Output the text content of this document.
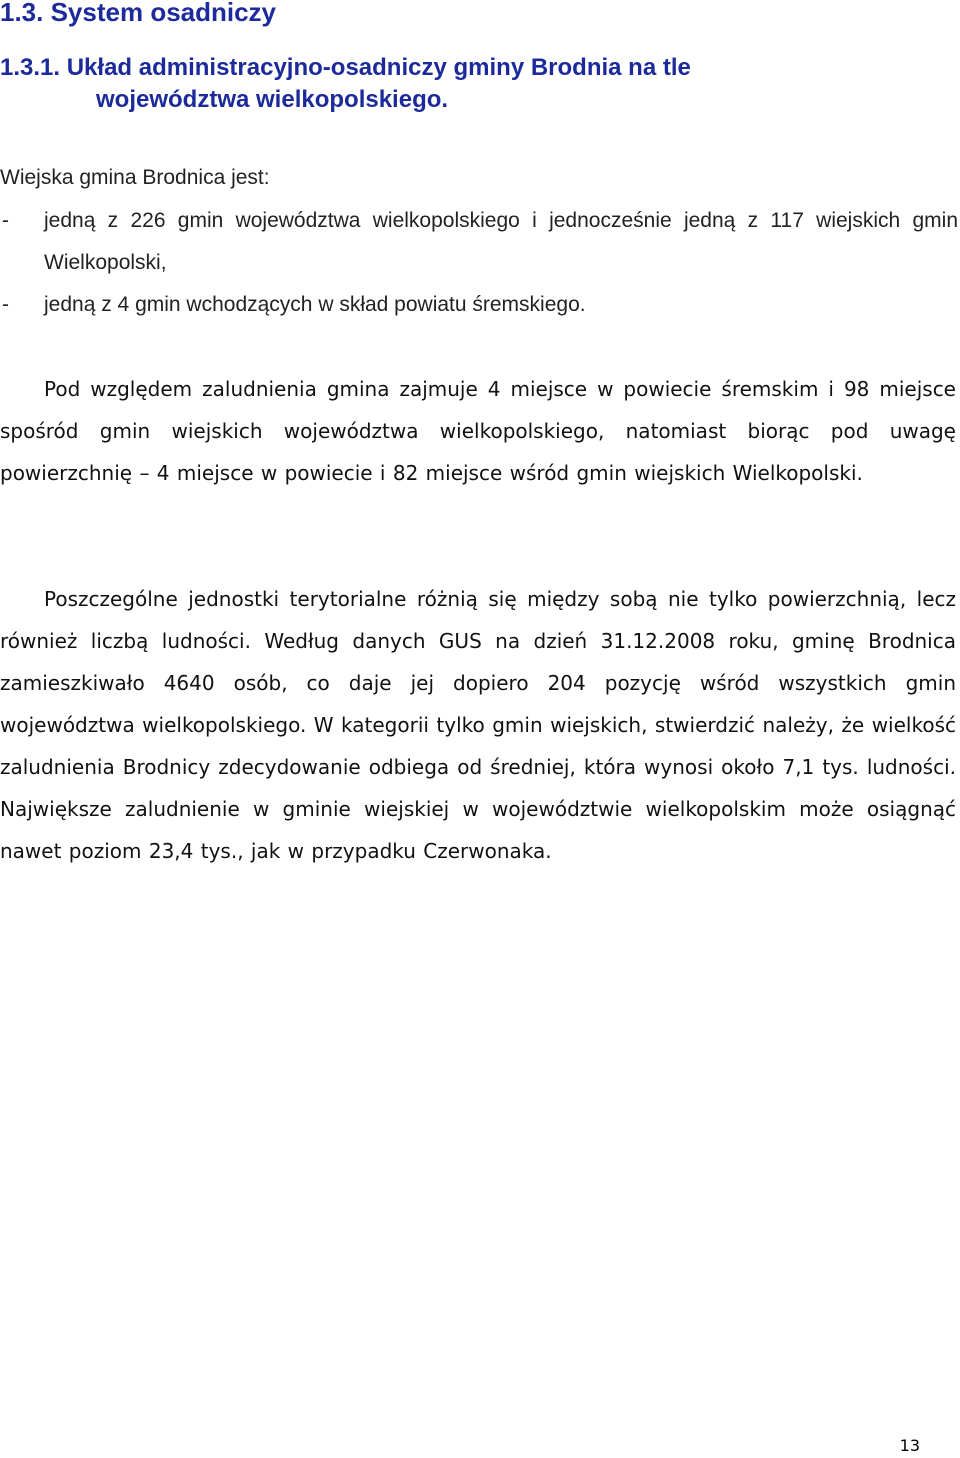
1.3. System osadniczy
1.3.1. Układ administracyjno-osadniczy gminy Brodnia na tle
województwa wielkopolskiego.

Wiejska gmina Brodnica jest:

- jedną z 226 gmin województwa wielkopolskiego i jednocześnie jedną z 117 wiejskich gmin Wielkopolski,
- jedną z 4 gmin wchodzących w skład powiatu śremskiego.

Pod względem zaludnienia gmina zajmuje 4 miejsce w powiecie śremskim i 98 miejsce spośród gmin wiejskich województwa wielkopolskiego, natomiast biorąc pod uwagę powierzchnię – 4 miejsce w powiecie i 82 miejsce wśród gmin wiejskich Wielkopolski.

Poszczególne jednostki terytorialne różnią się między sobą nie tylko powierzchnią, lecz również liczbą ludności. Według danych GUS na dzień 31.12.2008 roku, gminę Brodnica zamieszkiwało 4640 osób, co daje jej dopiero 204 pozycję wśród wszystkich gmin województwa wielkopolskiego. W kategorii tylko gmin wiejskich, stwierdzić należy, że wielkość zaludnienia Brodnicy zdecydowanie odbiega od średniej, która wynosi około 7,1 tys. ludności. Największe zaludnienie w gminie wiejskiej w województwie wielkopolskim może osiągnąć nawet poziom 23,4 tys., jak w przypadku Czerwonaka.

13
